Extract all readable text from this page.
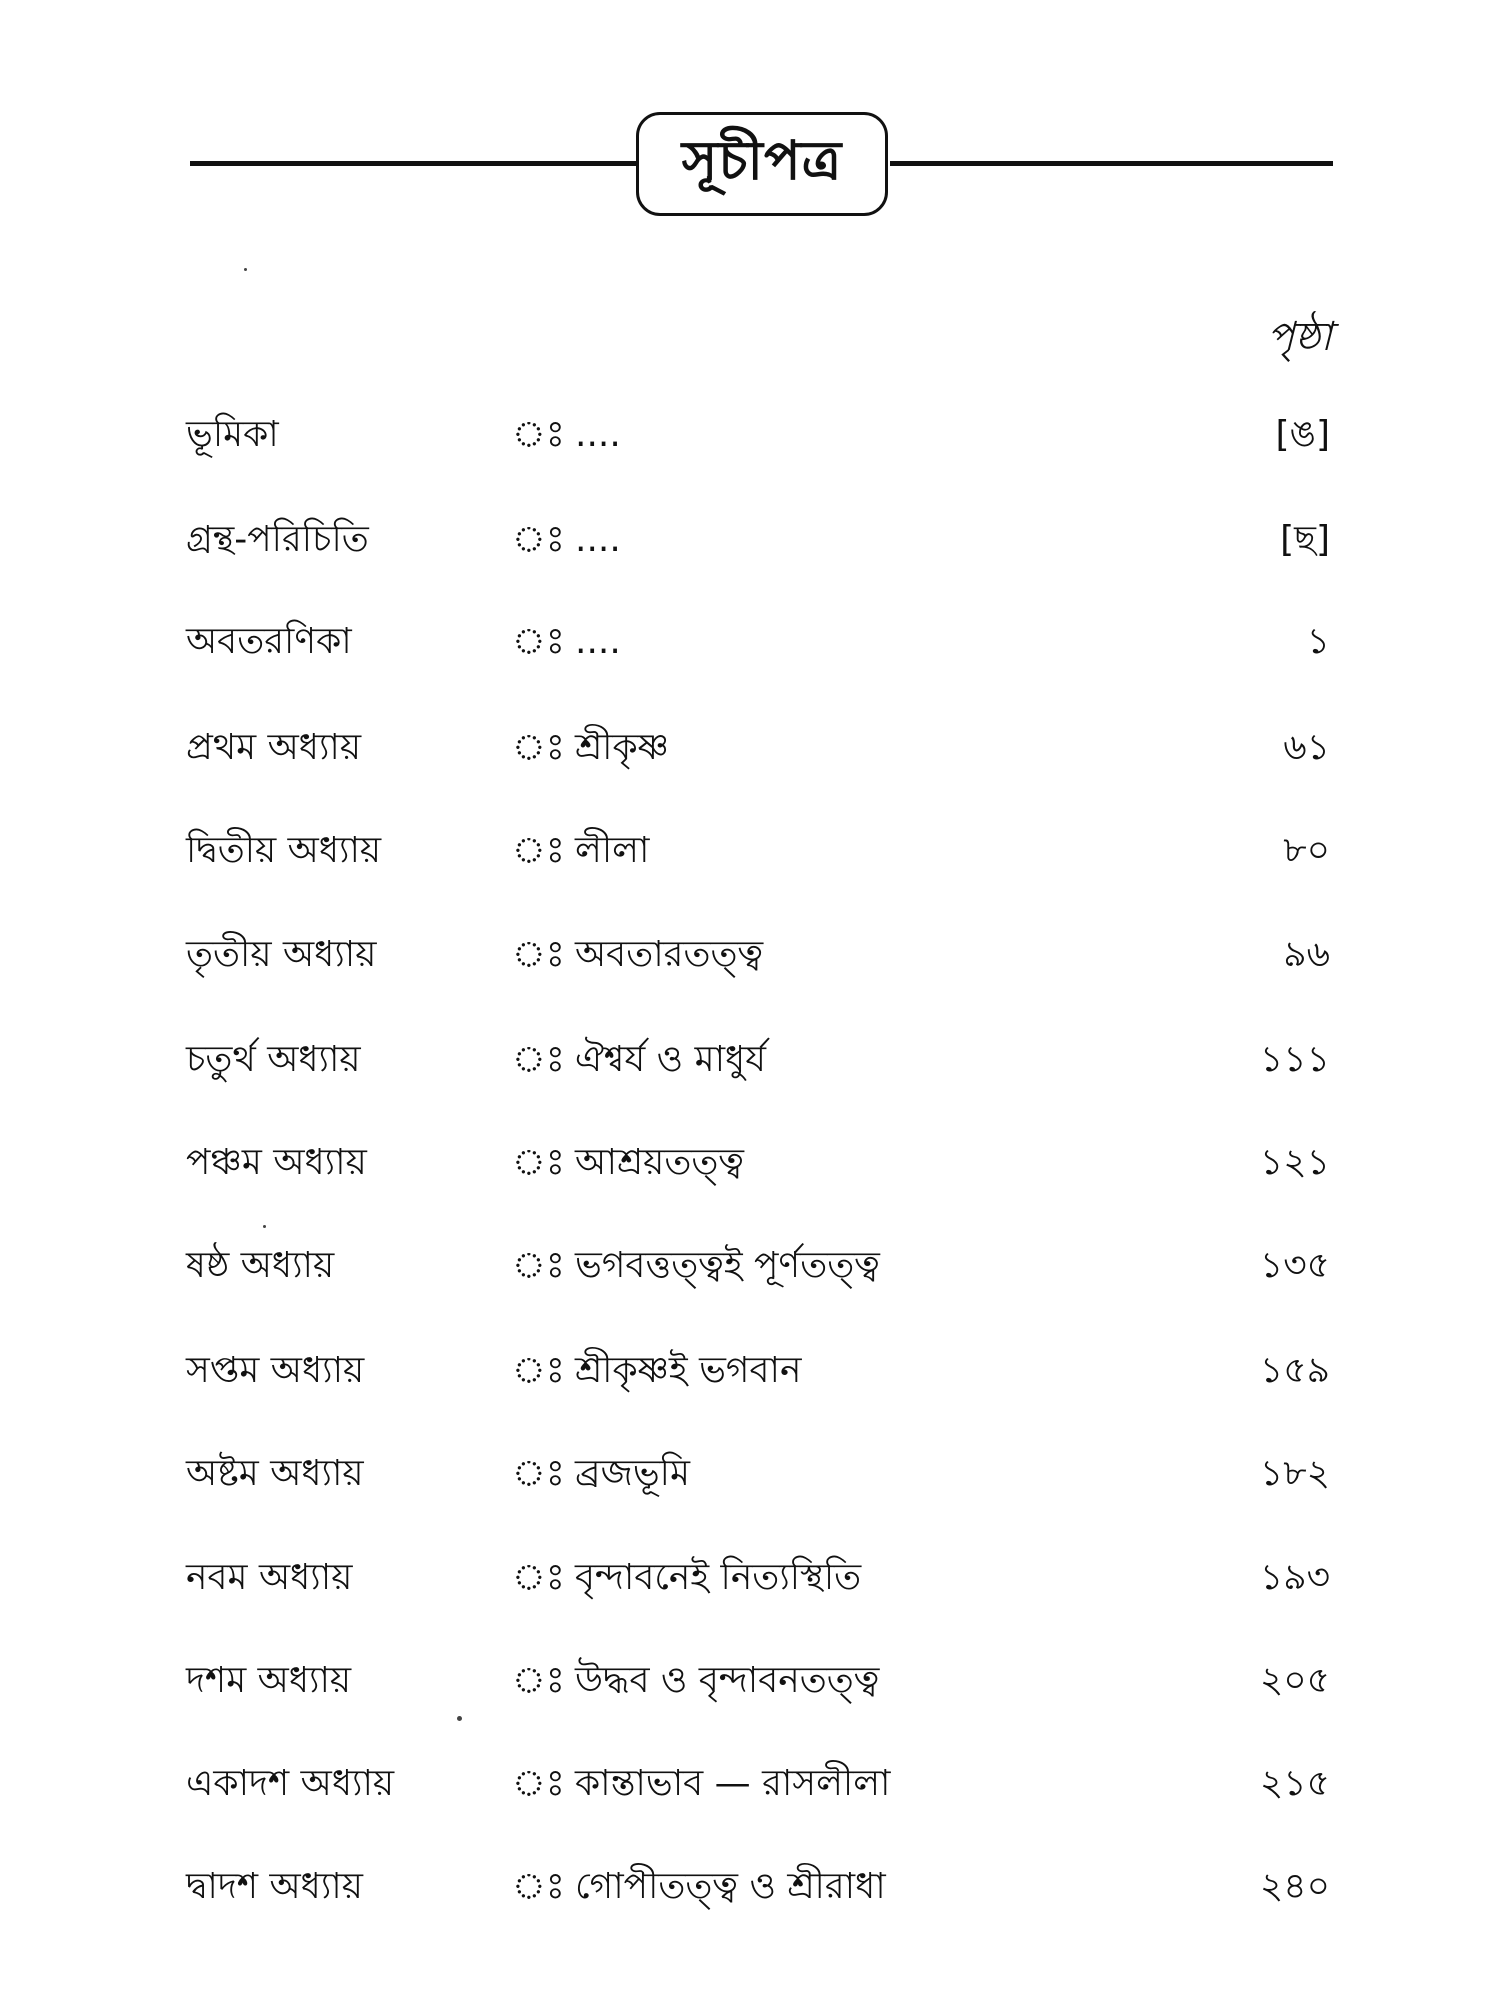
সূচীপত্র
পৃষ্ঠা
ভূমিকা	ঃ ....	[ঙ]
গ্রন্থ-পরিচিতি	ঃ ....	[ছ]
অবতরণিকা	ঃ ....	১
প্রথম অধ্যায়	ঃ শ্রীকৃষ্ণ	৬১
দ্বিতীয় অধ্যায়	ঃ লীলা	৮০
তৃতীয় অধ্যায়	ঃ অবতারতত্ত্ব	৯৬
চতুর্থ অধ্যায়	ঃ ঐশ্বর্য ও মাধুর্য	১১১
পঞ্চম অধ্যায়	ঃ আশ্রয়তত্ত্ব	১২১
ষষ্ঠ অধ্যায়	ঃ ভগবত্তত্ত্বই পূর্ণতত্ত্ব	১৩৫
সপ্তম অধ্যায়	ঃ শ্রীকৃষ্ণই ভগবান	১৫৯
অষ্টম অধ্যায়	ঃ ব্রজভূমি	১৮২
নবম অধ্যায়	ঃ বৃন্দাবনেই নিত্যস্থিতি	১৯৩
দশম অধ্যায়	ঃ উদ্ধব ও বৃন্দাবনতত্ত্ব	২০৫
একাদশ অধ্যায়	ঃ কান্তাভাব — রাসলীলা	২১৫
দ্বাদশ অধ্যায়	ঃ গোপীতত্ত্ব ও শ্রীরাধা	২৪০
